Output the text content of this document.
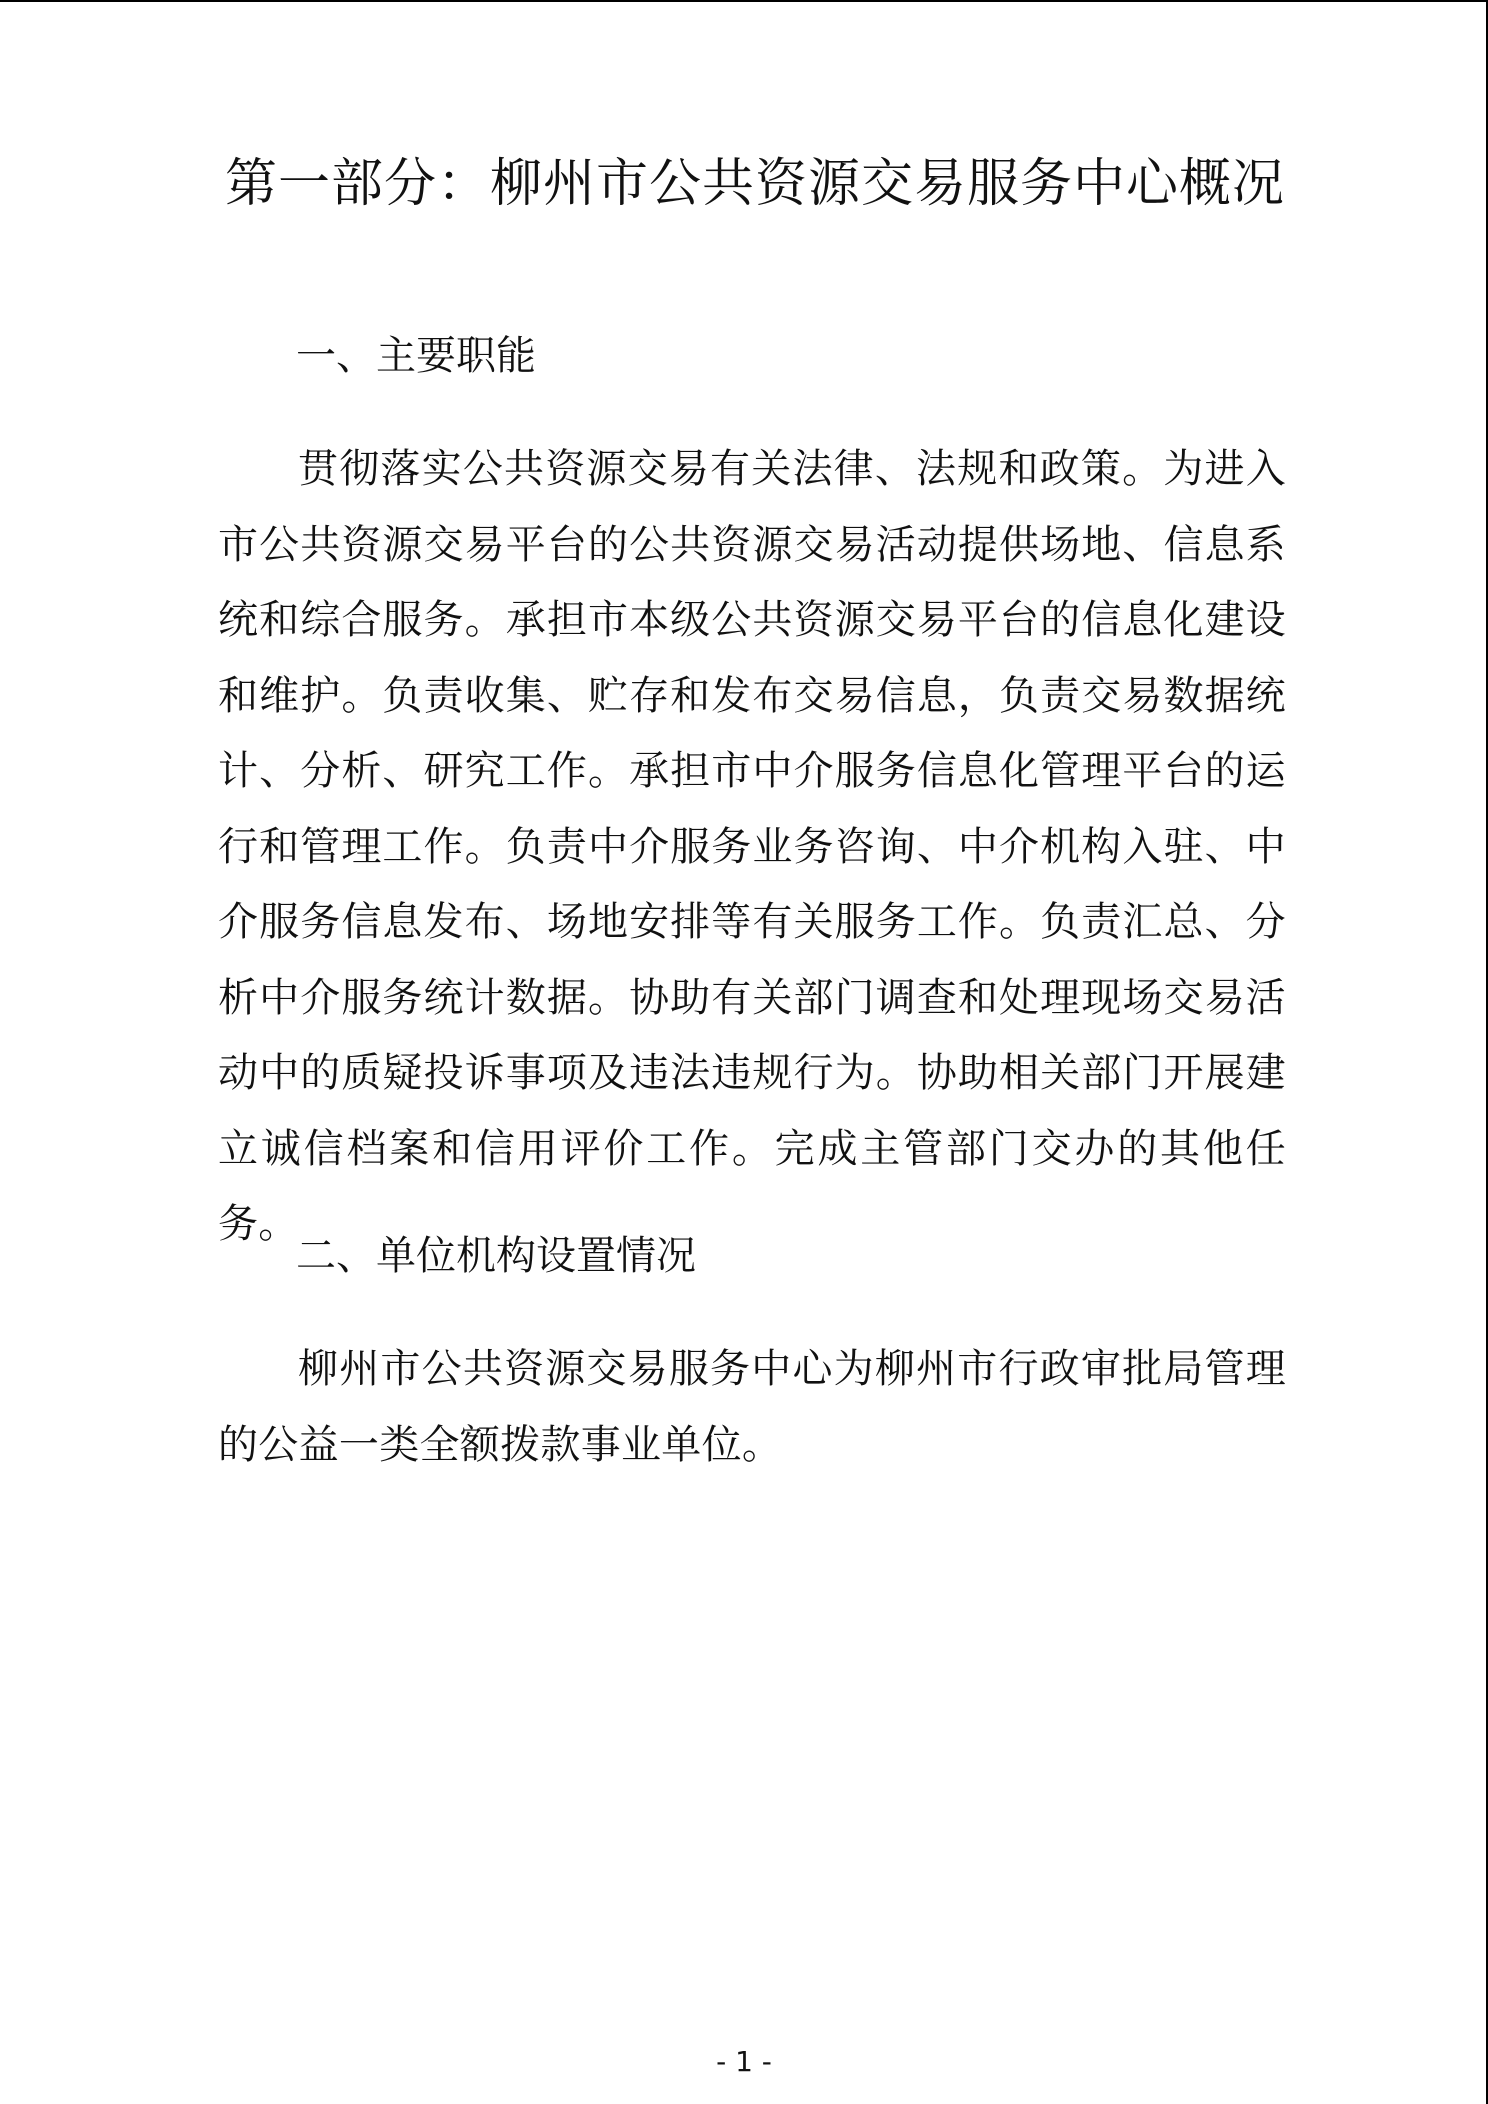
第一部分：柳州市公共资源交易服务中心概况
一、主要职能

贯彻落实公共资源交易有关法律、法规和政策。为进入市公共资源交易平台的公共资源交易活动提供场地、信息系统和综合服务。承担市本级公共资源交易平台的信息化建设和维护。负责收集、贮存和发布交易信息，负责交易数据统计、分析、研究工作。承担市中介服务信息化管理平台的运行和管理工作。负责中介服务业务咨询、中介机构入驻、中介服务信息发布、场地安排等有关服务工作。负责汇总、分析中介服务统计数据。协助有关部门调查和处理现场交易活动中的质疑投诉事项及违法违规行为。协助相关部门开展建立诚信档案和信用评价工作。完成主管部门交办的其他任务。

二、单位机构设置情况

柳州市公共资源交易服务中心为柳州市行政审批局管理的公益一类全额拨款事业单位。

- 1 -
